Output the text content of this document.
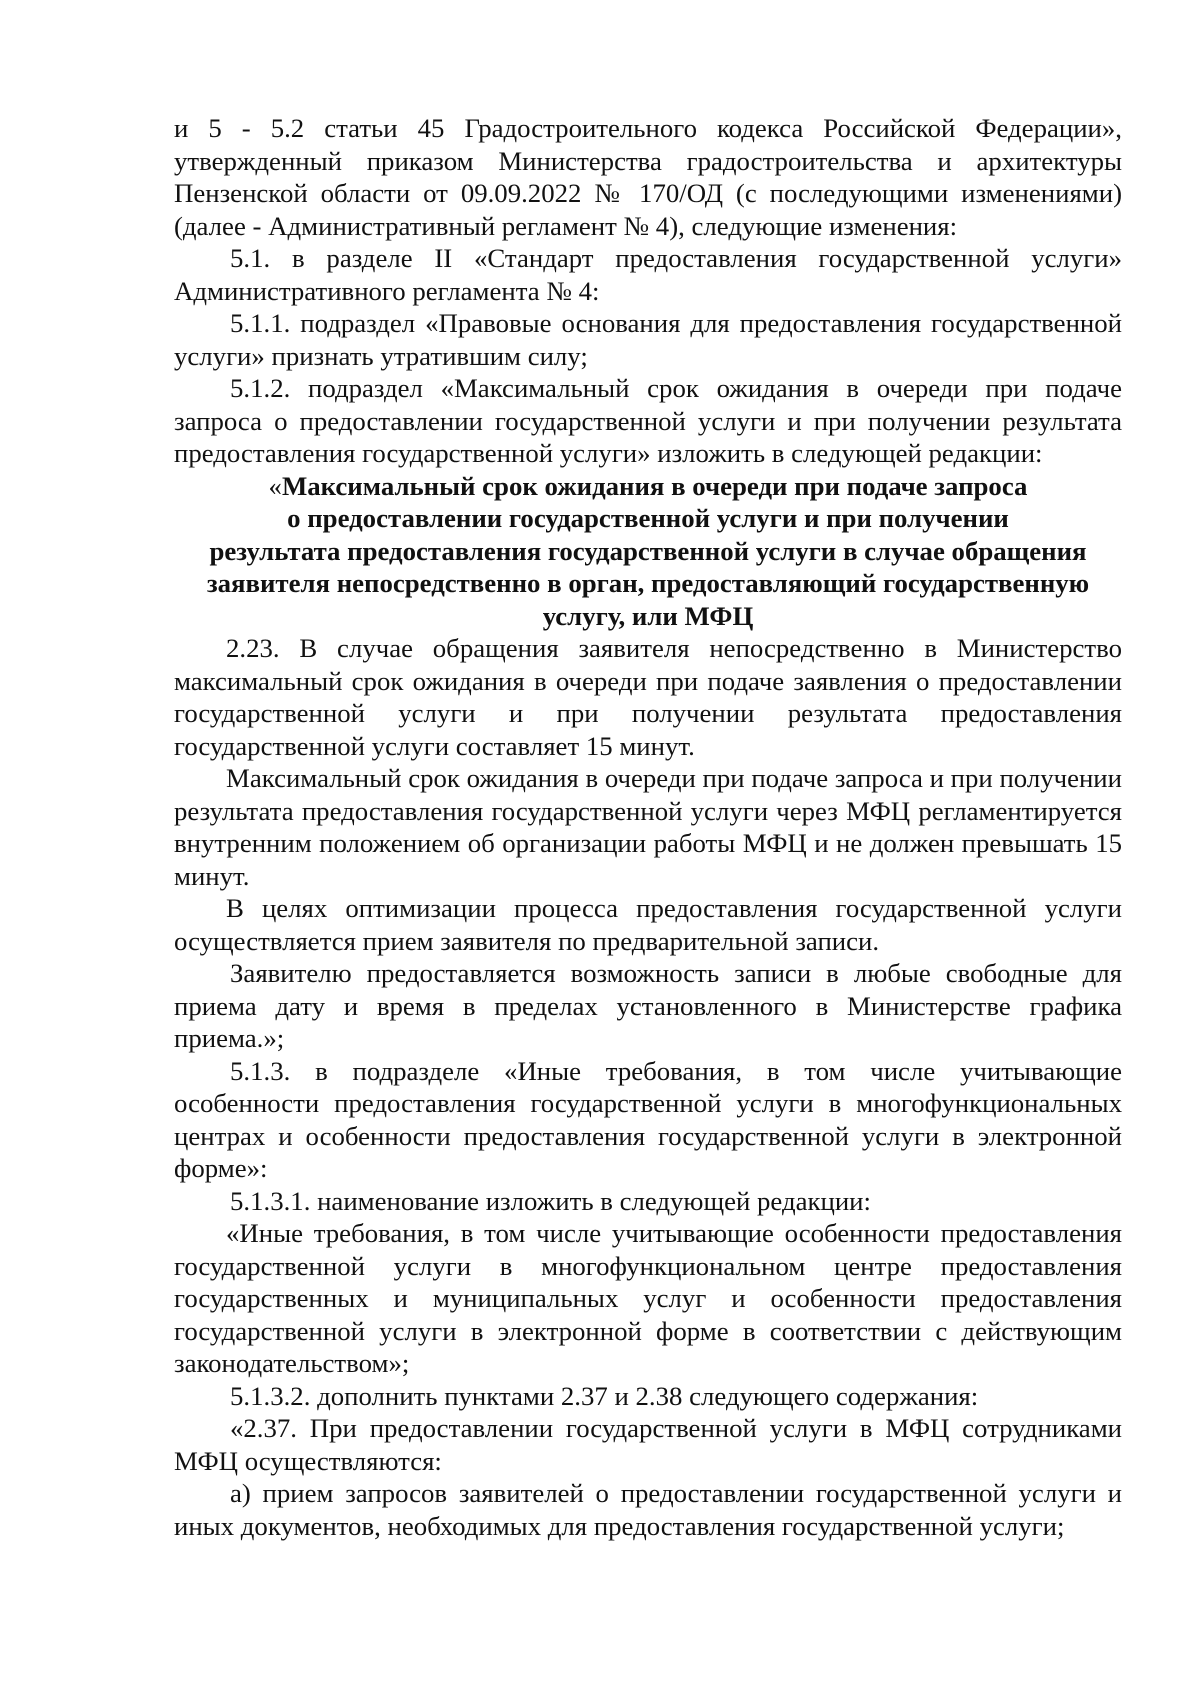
и 5 - 5.2 статьи 45 Градостроительного кодекса Российской Федерации», утвержденный приказом Министерства градостроительства и архитектуры Пензенской области от 09.09.2022 № 170/ОД (с последующими изменениями) (далее - Административный регламент № 4), следующие изменения:

5.1. в разделе II «Стандарт предоставления государственной услуги» Административного регламента № 4:

5.1.1. подраздел «Правовые основания для предоставления государственной услуги» признать утратившим силу;

5.1.2. подраздел «Максимальный срок ожидания в очереди при подаче запроса о предоставлении государственной услуги и при получении результата предоставления государственной услуги» изложить в следующей редакции:

«Максимальный срок ожидания в очереди при подаче запроса
о предоставлении государственной услуги и при получении
результата предоставления государственной услуги в случае обращения
заявителя непосредственно в орган, предоставляющий государственную
услугу, или МФЦ

2.23. В случае обращения заявителя непосредственно в Министерство максимальный срок ожидания в очереди при подаче заявления о предоставлении государственной услуги и при получении результата предоставления государственной услуги составляет 15 минут.

Максимальный срок ожидания в очереди при подаче запроса и при получении результата предоставления государственной услуги через МФЦ регламентируется внутренним положением об организации работы МФЦ и не должен превышать 15 минут.

В целях оптимизации процесса предоставления государственной услуги осуществляется прием заявителя по предварительной записи.

Заявителю предоставляется возможность записи в любые свободные для приема дату и время в пределах установленного в Министерстве графика приема.»;

5.1.3. в подразделе «Иные требования, в том числе учитывающие особенности предоставления государственной услуги в многофункциональных центрах и особенности предоставления государственной услуги в электронной форме»:

5.1.3.1. наименование изложить в следующей редакции:

«Иные требования, в том числе учитывающие особенности предоставления государственной услуги в многофункциональном центре предоставления государственных и муниципальных услуг и особенности предоставления государственной услуги в электронной форме в соответствии с действующим законодательством»;

5.1.3.2. дополнить пунктами 2.37 и 2.38 следующего содержания:

«2.37. При предоставлении государственной услуги в МФЦ сотрудниками МФЦ осуществляются:

а) прием запросов заявителей о предоставлении государственной услуги и иных документов, необходимых для предоставления государственной услуги;
